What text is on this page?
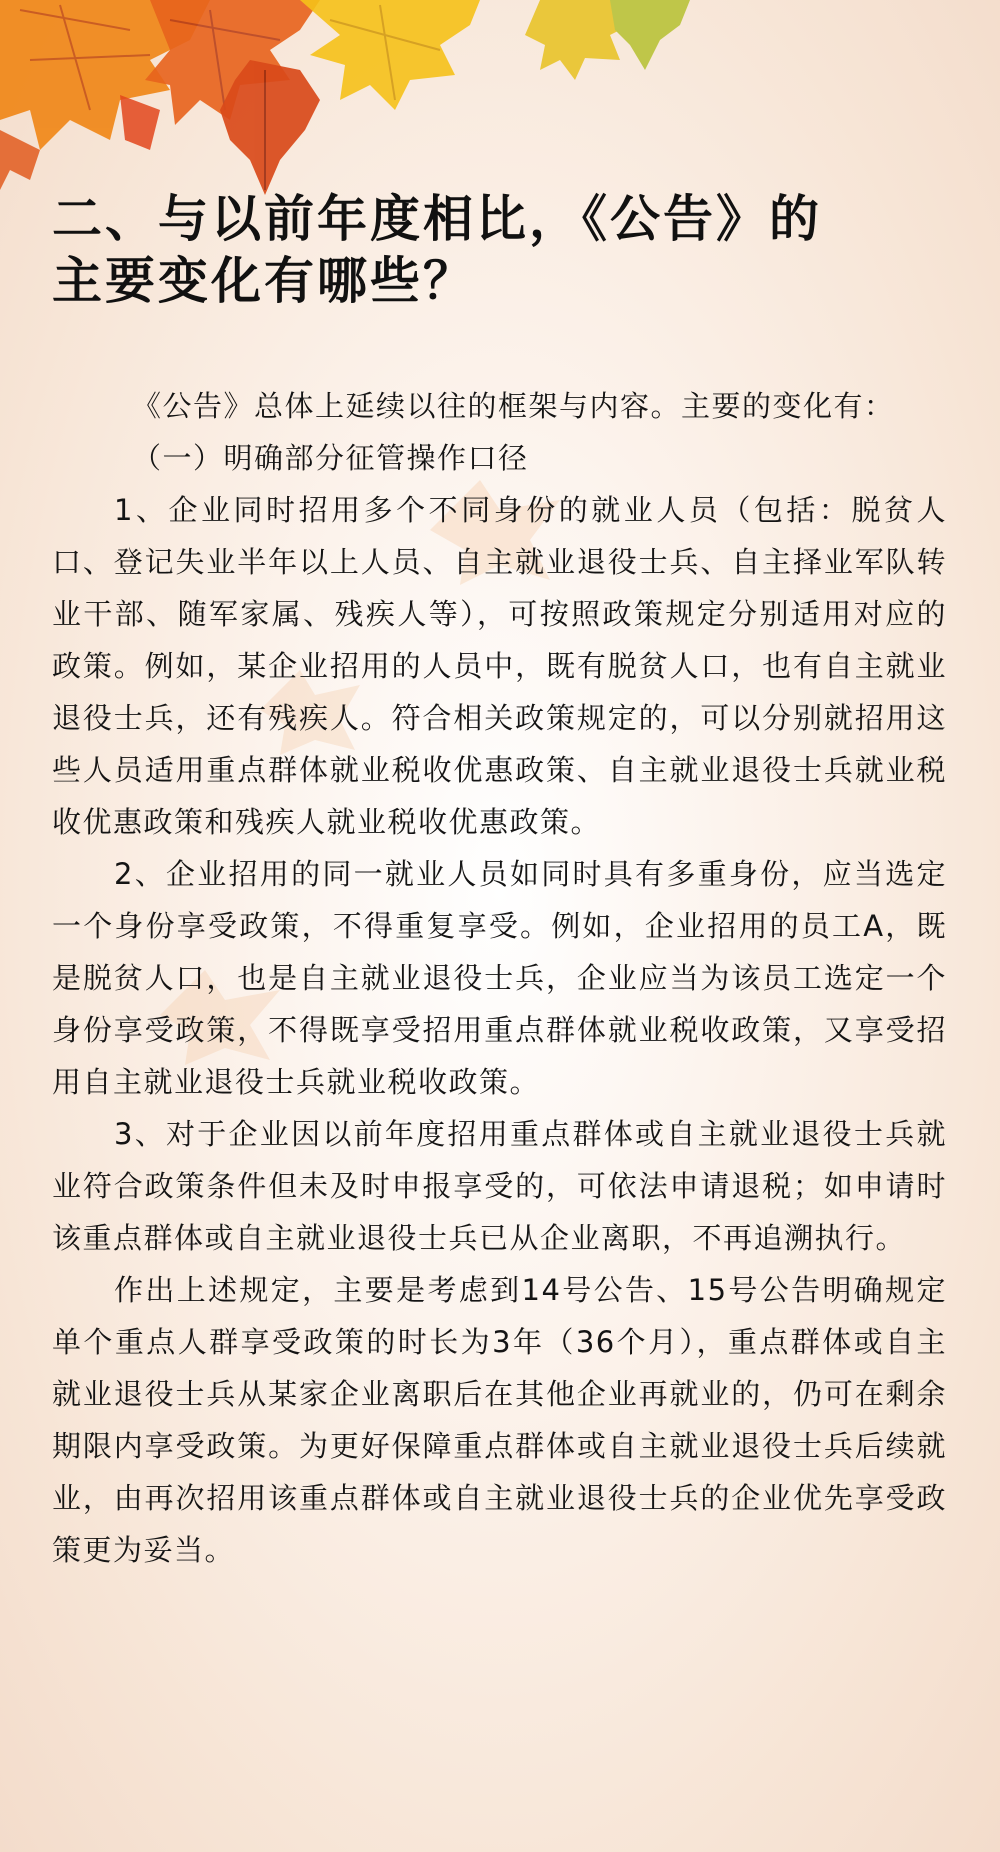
二、与以前年度相比，《公告》的
主要变化有哪些？

《公告》总体上延续以往的框架与内容。主要的变化有：

（一）明确部分征管操作口径

1、企业同时招用多个不同身份的就业人员（包括：脱贫人口、登记失业半年以上人员、自主就业退役士兵、自主择业军队转业干部、随军家属、残疾人等），可按照政策规定分别适用对应的政策。例如，某企业招用的人员中，既有脱贫人口，也有自主就业退役士兵，还有残疾人。符合相关政策规定的，可以分别就招用这些人员适用重点群体就业税收优惠政策、自主就业退役士兵就业税收优惠政策和残疾人就业税收优惠政策。

2、企业招用的同一就业人员如同时具有多重身份，应当选定一个身份享受政策，不得重复享受。例如，企业招用的员工A，既是脱贫人口，也是自主就业退役士兵，企业应当为该员工选定一个身份享受政策，不得既享受招用重点群体就业税收政策，又享受招用自主就业退役士兵就业税收政策。

3、对于企业因以前年度招用重点群体或自主就业退役士兵就业符合政策条件但未及时申报享受的，可依法申请退税；如申请时该重点群体或自主就业退役士兵已从企业离职，不再追溯执行。

作出上述规定，主要是考虑到14号公告、15号公告明确规定单个重点人群享受政策的时长为3年（36个月），重点群体或自主就业退役士兵从某家企业离职后在其他企业再就业的，仍可在剩余期限内享受政策。为更好保障重点群体或自主就业退役士兵后续就业，由再次招用该重点群体或自主就业退役士兵的企业优先享受政策更为妥当。
